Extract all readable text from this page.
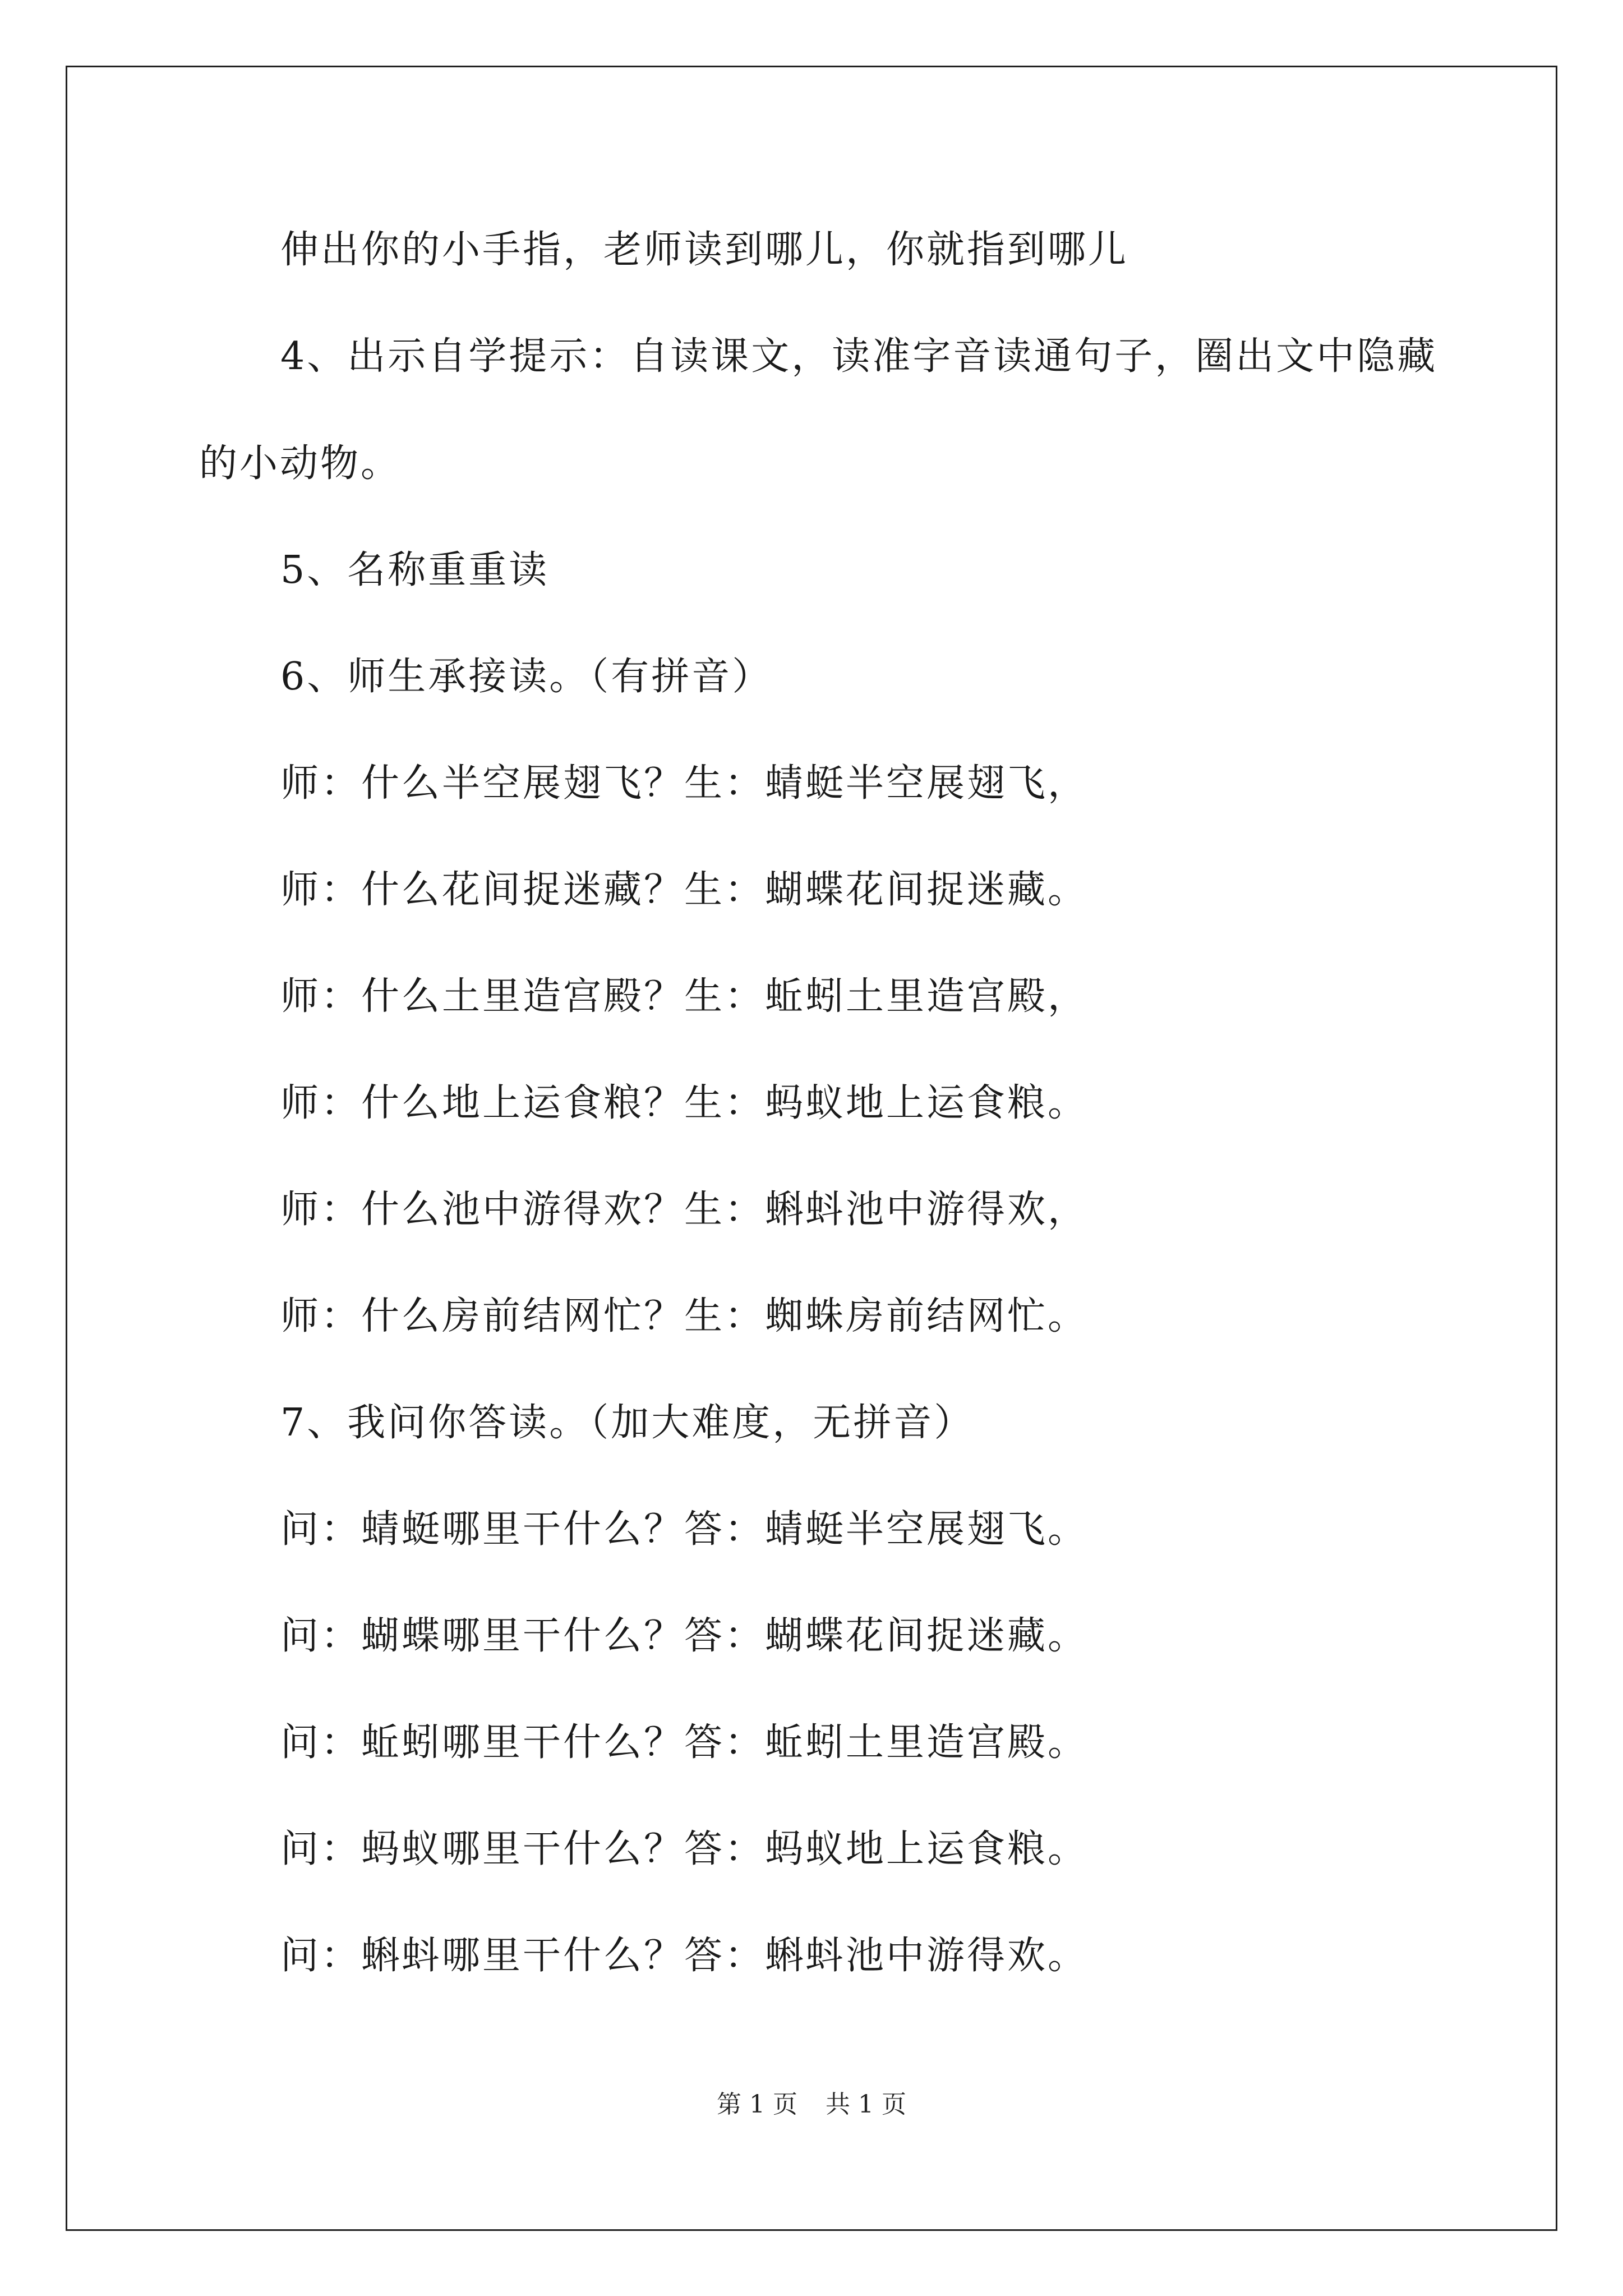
伸出你的小手指，老师读到哪儿，你就指到哪儿
4、出示自学提示：自读课文，读准字音读通句子，圈出文中隐藏
的小动物。
5、名称重重读
6、师生承接读。（有拼音）
师：什么半空展翅飞？生：蜻蜓半空展翅飞，
师：什么花间捉迷藏？生：蝴蝶花间捉迷藏。
师：什么土里造宫殿？生：蚯蚓土里造宫殿，
师：什么地上运食粮？生：蚂蚁地上运食粮。
师：什么池中游得欢？生：蝌蚪池中游得欢，
师：什么房前结网忙？生：蜘蛛房前结网忙。
7、我问你答读。（加大难度，无拼音）
问：蜻蜓哪里干什么？答：蜻蜓半空展翅飞。
问：蝴蝶哪里干什么？答：蝴蝶花间捉迷藏。
问：蚯蚓哪里干什么？答：蚯蚓土里造宫殿。
问：蚂蚁哪里干什么？答：蚂蚁地上运食粮。
问：蝌蚪哪里干什么？答：蝌蚪池中游得欢。
第 1 页 共 1 页
